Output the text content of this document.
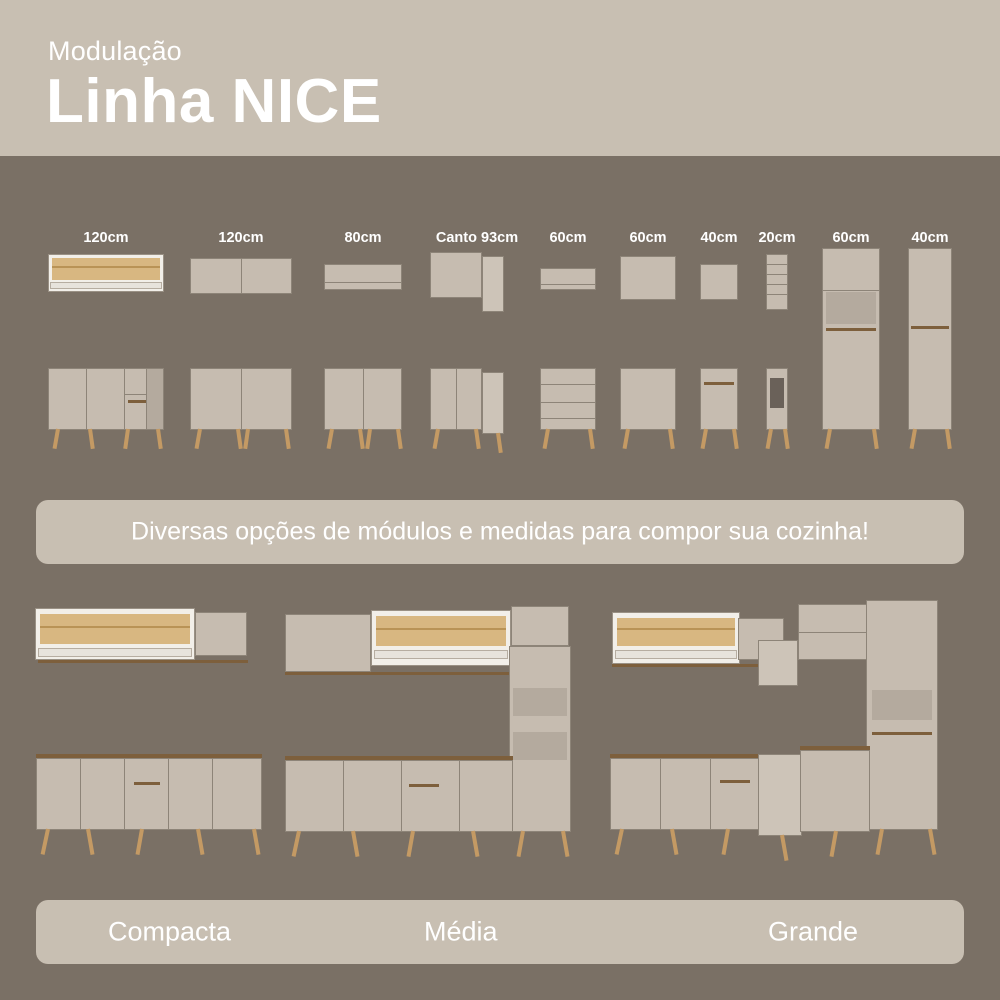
Modulação
Linha NICE
120cm	120cm	80cm	Canto 93cm 60cm	60cm 40cm 20cm	60cm	40cm
Diversas opções de módulos e medidas para compor sua cozinha!
Compacta	Média	Grande
